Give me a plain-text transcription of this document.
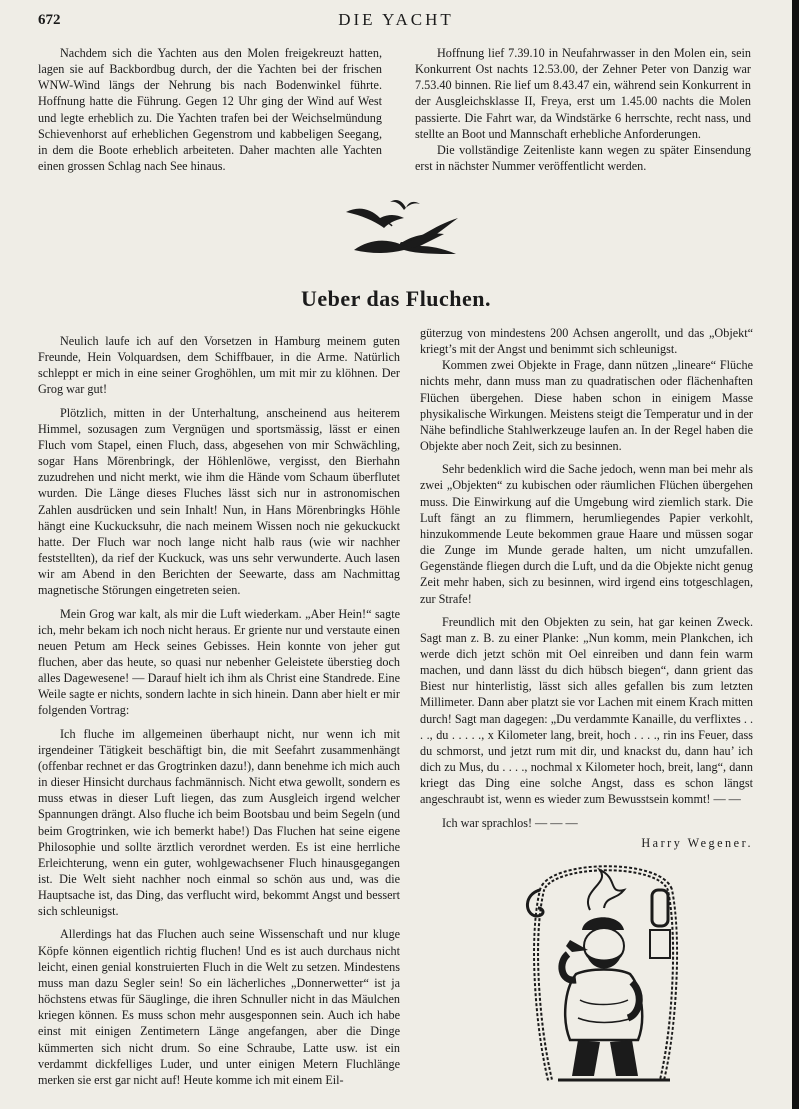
672	DIE YACHT

Nachdem sich die Yachten aus den Molen freigekreuzt hatten, lagen sie auf Backbordbug durch, der die Yachten bei der frischen WNW-Wind längs der Nehrung bis nach Bodenwinkel führte. Hoffnung hatte die Führung. Gegen 12 Uhr ging der Wind auf West und legte erheblich zu. Die Yachten trafen bei der Weichselmündung Schievenhorst auf erheblichen Gegenstrom und kabbeligen Seegang, in dem die Boote erheblich arbeiteten. Daher machten alle Yachten einen grossen Schlag nach See hinaus.

Hoffnung lief 7.39.10 in Neufahrwasser in den Molen ein, sein Konkurrent Ost nachts 12.53.00, der Zehner Peter von Danzig war 7.53.40 binnen. Rie lief um 8.43.47 ein, während sein Konkurrent in der Ausgleichsklasse II, Freya, erst um 1.45.00 nachts die Molen passierte. Die Fahrt war, da Windstärke 6 herrschte, recht nass, und stellte an Boot und Mannschaft erhebliche Anforderungen.

Die vollständige Zeitenliste kann wegen zu später Einsendung erst in nächster Nummer veröffentlicht werden.

Ueber das Fluchen.

Neulich laufe ich auf den Vorsetzen in Hamburg meinem guten Freunde, Hein Volquardsen, dem Schiffbauer, in die Arme. Natürlich schleppt er mich in eine seiner Groghöhlen, um mit mir zu klöhnen. Der Grog war gut!

Plötzlich, mitten in der Unterhaltung, anscheinend aus heiterem Himmel, sozusagen zum Vergnügen und sportsmässig, lässt er einen Fluch vom Stapel, einen Fluch, dass, abgesehen von mir Schwächling, sogar Hans Mörenbringk, der Höhlenlöwe, vergisst, den Bierhahn zuzudrehen und nicht merkt, wie ihm die Hände vom Schaum überflutet wurden. Die Länge dieses Fluches lässt sich nur in astronomischen Zahlen ausdrücken und sein Inhalt! Nun, in Hans Mörenbringks Höhle hängt eine Kuckucksuhr, die nach meinem Wissen noch nie gekuckuckt hatte. Der Fluch war noch lange nicht halb raus (wie wir nachher feststellten), da rief der Kuckuck, was uns sehr verwunderte. Auch lasen wir am Abend in den Berichten der Seewarte, dass am Nachmittag magnetische Störungen eingetreten seien.

Mein Grog war kalt, als mir die Luft wiederkam. „Aber Hein!“ sagte ich, mehr bekam ich noch nicht heraus. Er griente nur und verstaute einen neuen Petum am Heck seines Gebisses. Hein konnte von jeher gut fluchen, aber das heute, so quasi nur nebenher Geleistete überstieg doch alles Dagewesene! — Darauf hielt ich ihm als Christ eine Standrede. Eine Weile sagte er nichts, sondern lachte in sich hinein. Dann aber hielt er mir folgenden Vortrag:

Ich fluche im allgemeinen überhaupt nicht, nur wenn ich mit irgendeiner Tätigkeit beschäftigt bin, die mit Seefahrt zusammenhängt (offenbar rechnet er das Grogtrinken dazu!), dann benehme ich mich auch in dieser Hinsicht durchaus fachmännisch. Nicht etwa gewollt, sondern es muss etwas in dieser Luft liegen, das zum Ausgleich irgend welcher Spannungen drängt. Also fluche ich beim Bootsbau und beim Segeln (und beim Grogtrinken, wie ich bemerkt habe!) Das Fluchen hat seine eigene Philosophie und sollte ärztlich verordnet werden. Es ist eine herrliche Erleichterung, wenn ein guter, wohlgewachsener Fluch hinausgegangen ist. Die Welt sieht nachher noch einmal so schön aus und, was die Hauptsache ist, das Ding, das verflucht wird, bekommt Angst und bessert sich schleunigst.

Allerdings hat das Fluchen auch seine Wissenschaft und nur kluge Köpfe können eigentlich richtig fluchen! Und es ist auch durchaus nicht leicht, einen genial konstruierten Fluch in die Welt zu setzen. Mindestens muss man dazu Segler sein! So ein lächerliches „Donnerwetter“ ist ja höchstens etwas für Säuglinge, die ihren Schnuller nicht in das Mäulchen kriegen können. Es muss schon mehr ausgesponnen sein. Auch ich habe einst mit einigen Zentimetern Länge angefangen, aber die Dinge kümmerten sich nicht drum. So eine Schraube, Latte usw. ist ein verdammt dickfelliges Luder, und unter einigen Metern Fluchlänge merken sie erst gar nicht auf! Heute komme ich mit einem Eil-

güterzug von mindestens 200 Achsen angerollt, und das „Objekt“ kriegt’s mit der Angst und benimmt sich schleunigst.

Kommen zwei Objekte in Frage, dann nützen „lineare“ Flüche nichts mehr, dann muss man zu quadratischen oder flächenhaften Flüchen übergehen. Diese haben schon in einigem Masse physikalische Wirkungen. Meistens steigt die Temperatur und in der Nähe befindliche Stahlwerkzeuge laufen an. In der Regel haben die Objekte aber noch Zeit, sich zu besinnen.

Sehr bedenklich wird die Sache jedoch, wenn man bei mehr als zwei „Objekten“ zu kubischen oder räumlichen Flüchen übergehen muss. Die Einwirkung auf die Umgebung wird ziemlich stark. Die Luft fängt an zu flimmern, herumliegendes Papier verkohlt, hinzukommende Leute bekommen graue Haare und müssen sogar die Zunge im Munde gerade halten, um nicht umzufallen. Gegenstände fliegen durch die Luft, und da die Objekte nicht genug Zeit mehr haben, sich zu besinnen, wird irgend eins totgeschlagen, zur Strafe!

Freundlich mit den Objekten zu sein, hat gar keinen Zweck. Sagt man z. B. zu einer Planke: „Nun komm, mein Plankchen, ich werde dich jetzt schön mit Oel einreiben und dann fein warm machen, und dann lässt du dich hübsch biegen“, dann grient das Biest nur hinterlistig, lässt sich alles gefallen bis zum letzten Millimeter. Dann aber platzt sie vor Lachen mit einem Krach mitten durch! Sagt man dagegen: „Du verdammte Kanaille, du verflixtes . . . ., du . . . . ., x Kilometer lang, breit, hoch . . . ., rin ins Feuer, dass du schmorst, und jetzt rum mit dir, und knackst du, dann hau’ ich dich zu Mus, du . . . ., nochmal x Kilometer hoch, breit, lang“, dann kriegt das Ding eine solche Angst, dass es schon längst angeschraubt ist, wenn es wieder zum Bewusstsein kommt! — —

Ich war sprachlos! — — —

Harry Wegener.
